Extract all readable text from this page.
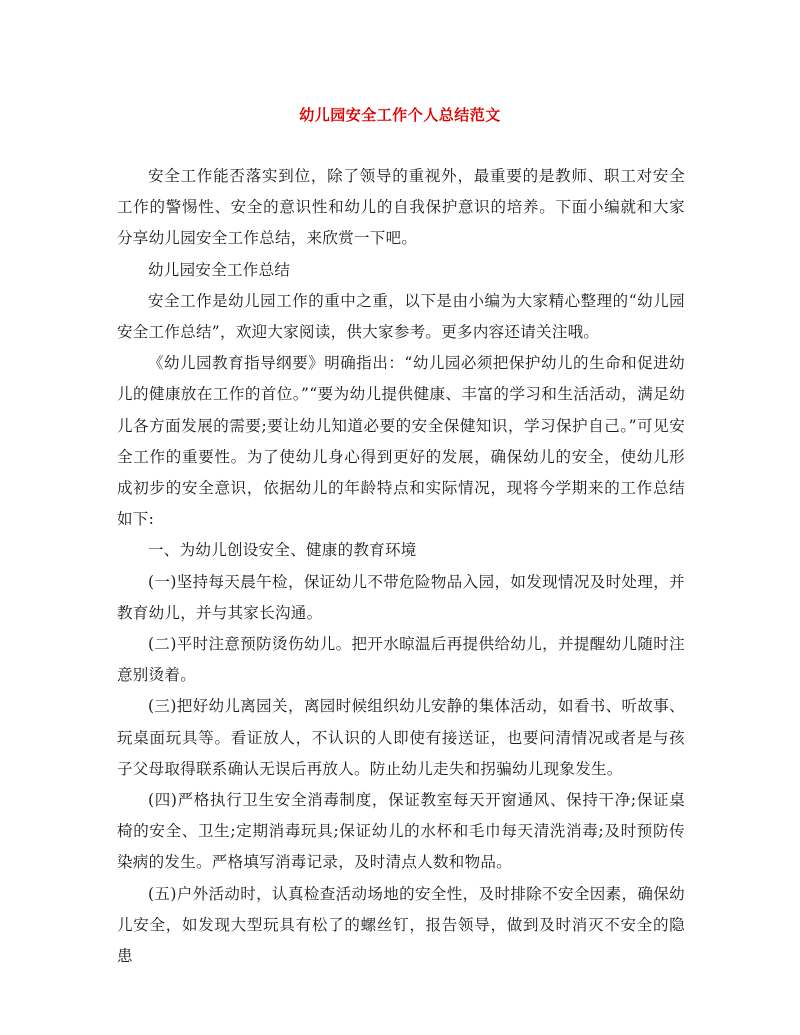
幼儿园安全工作个人总结范文

安全工作能否落实到位，除了领导的重视外，最重要的是教师、职工对安全工作的警惕性、安全的意识性和幼儿的自我保护意识的培养。下面小编就和大家分享幼儿园安全工作总结，来欣赏一下吧。

幼儿园安全工作总结

安全工作是幼儿园工作的重中之重，以下是由小编为大家精心整理的“幼儿园安全工作总结”，欢迎大家阅读，供大家参考。更多内容还请关注哦。

《幼儿园教育指导纲要》明确指出：“幼儿园必须把保护幼儿的生命和促进幼儿的健康放在工作的首位。”“要为幼儿提供健康、丰富的学习和生活活动，满足幼儿各方面发展的需要;要让幼儿知道必要的安全保健知识，学习保护自己。”可见安全工作的重要性。为了使幼儿身心得到更好的发展，确保幼儿的安全，使幼儿形成初步的安全意识，依据幼儿的年龄特点和实际情况，现将今学期来的工作总结如下:

一、为幼儿创设安全、健康的教育环境

(一)坚持每天晨午检，保证幼儿不带危险物品入园，如发现情况及时处理，并教育幼儿，并与其家长沟通。

(二)平时注意预防烫伤幼儿。把开水晾温后再提供给幼儿，并提醒幼儿随时注意别烫着。

(三)把好幼儿离园关，离园时候组织幼儿安静的集体活动，如看书、听故事、玩桌面玩具等。看证放人，不认识的人即使有接送证，也要问清情况或者是与孩子父母取得联系确认无误后再放人。防止幼儿走失和拐骗幼儿现象发生。

(四)严格执行卫生安全消毒制度，保证教室每天开窗通风、保持干净;保证桌椅的安全、卫生;定期消毒玩具;保证幼儿的水杯和毛巾每天清洗消毒;及时预防传染病的发生。严格填写消毒记录，及时清点人数和物品。

(五)户外活动时，认真检查活动场地的安全性，及时排除不安全因素，确保幼儿安全，如发现大型玩具有松了的螺丝钉，报告领导，做到及时消灭不安全的隐患
